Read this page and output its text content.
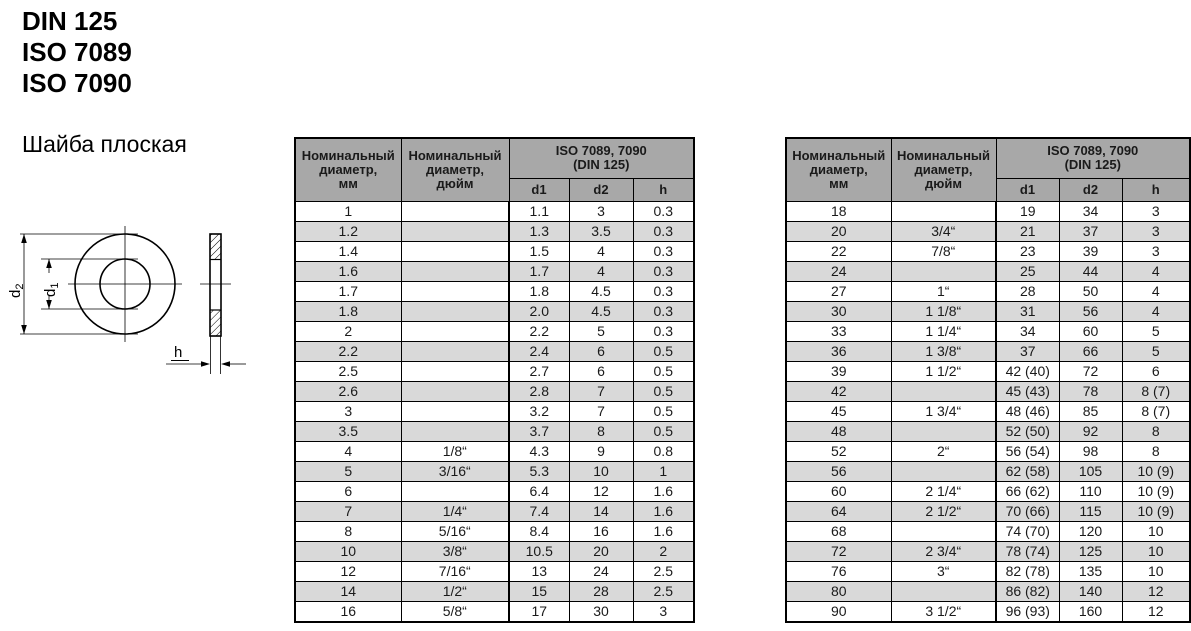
DIN 125
ISO 7089
ISO 7090
Шайба плоская
$d_2$
$d_1$
h
Номинальный
диаметр,
мм	Номинальный
диаметр,
дюйм	ISO 7089, 7090
(DIN 125)		

		d1	d2	h
1		1.1	3	0.3
1.2		1.3	3.5	0.3
1.4		1.5	4	0.3
1.6		1.7	4	0.3
1.7		1.8	4.5	0.3
1.8		2.0	4.5	0.3
2		2.2	5	0.3
2.2		2.4	6	0.5
2.5		2.7	6	0.5
2.6		2.8	7	0.5
3		3.2	7	0.5
3.5		3.7	8	0.5
4	1/8“	4.3	9	0.8
5	3/16“	5.3	10	1
6		6.4	12	1.6
7	1/4“	7.4	14	1.6
8	5/16“	8.4	16	1.6
10	3/8“	10.5	20	2
12	7/16“	13	24	2.5
14	1/2“	15	28	2.5
16	5/8“	17	30	3
Номинальный
диаметр,
мм	Номинальный
диаметр,
дюйм	ISO 7089, 7090
(DIN 125)		

		d1	d2	h
18		19	34	3
20	3/4“	21	37	3
22	7/8“	23	39	3
24		25	44	4
27	1“	28	50	4
30	1 1/8“	31	56	4
33	1 1/4“	34	60	5
36	1 3/8“	37	66	5
39	1 1/2“	42 (40)	72	6
42		45 (43)	78	8 (7)
45	1 3/4“	48 (46)	85	8 (7)
48		52 (50)	92	8
52	2“	56 (54)	98	8
56		62 (58)	105	10 (9)
60	2 1/4“	66 (62)	110	10 (9)
64	2 1/2“	70 (66)	115	10 (9)
68		74 (70)	120	10
72	2 3/4“	78 (74)	125	10
76	3“	82 (78)	135	10
80		86 (82)	140	12
90	3 1/2“	96 (93)	160	12
